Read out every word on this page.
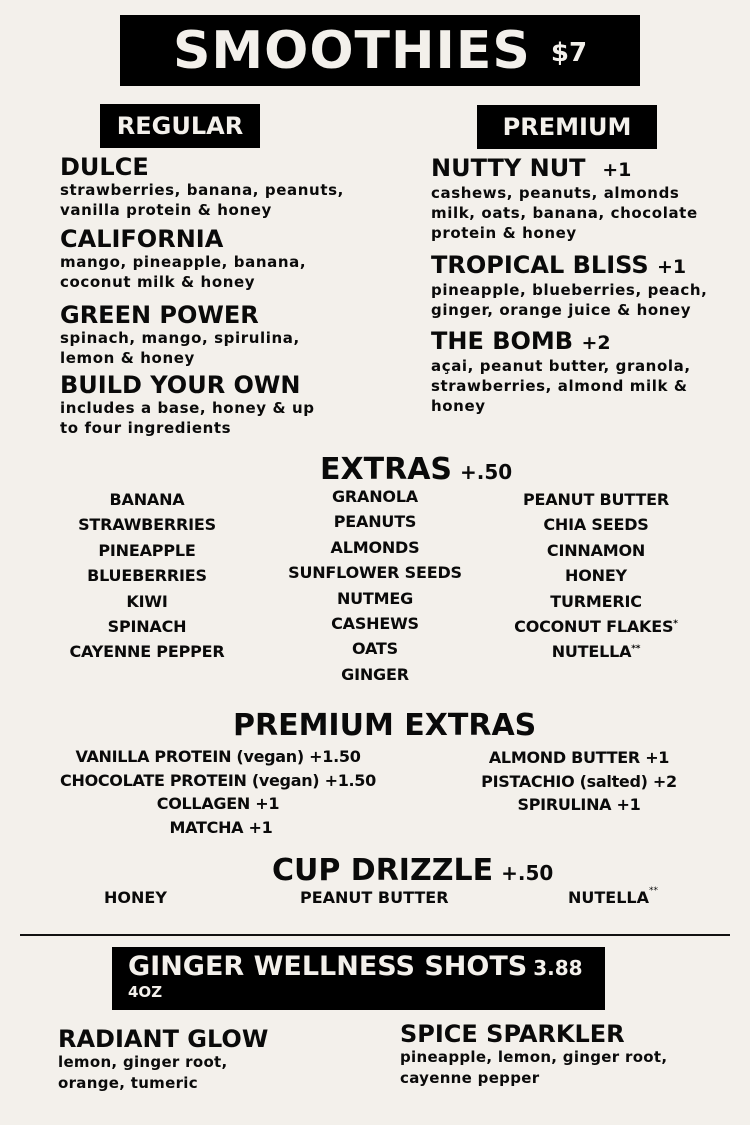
SMOOTHIES $7
REGULAR
DULCE
strawberries, banana, peanuts,
vanilla protein & honey
CALIFORNIA
mango, pineapple, banana,
coconut milk & honey
GREEN POWER
spinach, mango, spirulina,
lemon & honey
BUILD YOUR OWN
includes a base, honey & up
to four ingredients
PREMIUM
NUTTY NUT +1
cashews, peanuts, almonds
milk, oats, banana, chocolate
protein & honey
TROPICAL BLISS +1
pineapple, blueberries, peach,
ginger, orange juice & honey
THE BOMB +2
açai, peanut butter, granola,
strawberries, almond milk &
honey
EXTRAS +.50
BANANA
STRAWBERRIES
PINEAPPLE
BLUEBERRIES
KIWI
SPINACH
CAYENNE PEPPER
GRANOLA
PEANUTS
ALMONDS
SUNFLOWER SEEDS
NUTMEG
CASHEWS
OATS
GINGER
PEANUT BUTTER
CHIA SEEDS
CINNAMON
HONEY
TURMERIC
COCONUT FLAKES*
NUTELLA**
PREMIUM EXTRAS
VANILLA PROTEIN (vegan) +1.50
CHOCOLATE PROTEIN (vegan) +1.50
COLLAGEN +1
MATCHA +1
ALMOND BUTTER +1
PISTACHIO (salted) +2
SPIRULINA +1
CUP DRIZZLE +.50
HONEY	PEANUT BUTTER	NUTELLA**
GINGER WELLNESS SHOTS 3.88
4OZ
RADIANT GLOW
lemon, ginger root,
orange, tumeric
SPICE SPARKLER
pineapple, lemon, ginger root,
cayenne pepper
